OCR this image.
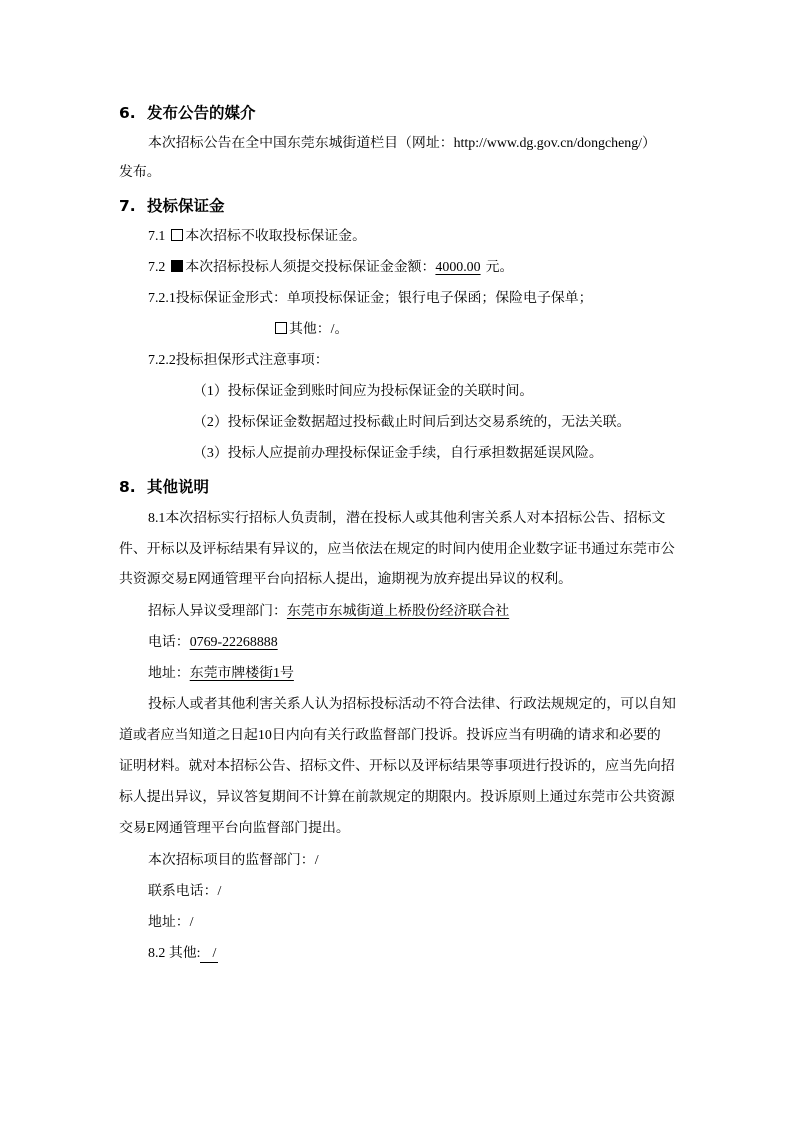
6. 发布公告的媒介
本次招标公告在全中国东莞东城街道栏目（网址：http://www.dg.gov.cn/dongcheng/）
发布。
7. 投标保证金
7.1 本次招标不收取投标保证金。
7.2 本次招标投标人须提交投标保证金金额：4000.00 元。
7.2.1投标保证金形式：单项投标保证金；银行电子保函；保险电子保单；
其他：/。
7.2.2投标担保形式注意事项：
（1）投标保证金到账时间应为投标保证金的关联时间。
（2）投标保证金数据超过投标截止时间后到达交易系统的，无法关联。
（3）投标人应提前办理投标保证金手续，自行承担数据延误风险。
8. 其他说明
8.1本次招标实行招标人负责制，潜在投标人或其他利害关系人对本招标公告、招标文
件、开标以及评标结果有异议的，应当依法在规定的时间内使用企业数字证书通过东莞市公
共资源交易E网通管理平台向招标人提出，逾期视为放弃提出异议的权利。
招标人异议受理部门：东莞市东城街道上桥股份经济联合社
电话：0769-22268888
地址：东莞市牌楼街1号
投标人或者其他利害关系人认为招标投标活动不符合法律、行政法规规定的，可以自知
道或者应当知道之日起10日内向有关行政监督部门投诉。投诉应当有明确的请求和必要的
证明材料。就对本招标公告、招标文件、开标以及评标结果等事项进行投诉的，应当先向招
标人提出异议，异议答复期间不计算在前款规定的期限内。投诉原则上通过东莞市公共资源
交易E网通管理平台向监督部门提出。
本次招标项目的监督部门：/
联系电话：/
地址：/
8.2 其他: /
